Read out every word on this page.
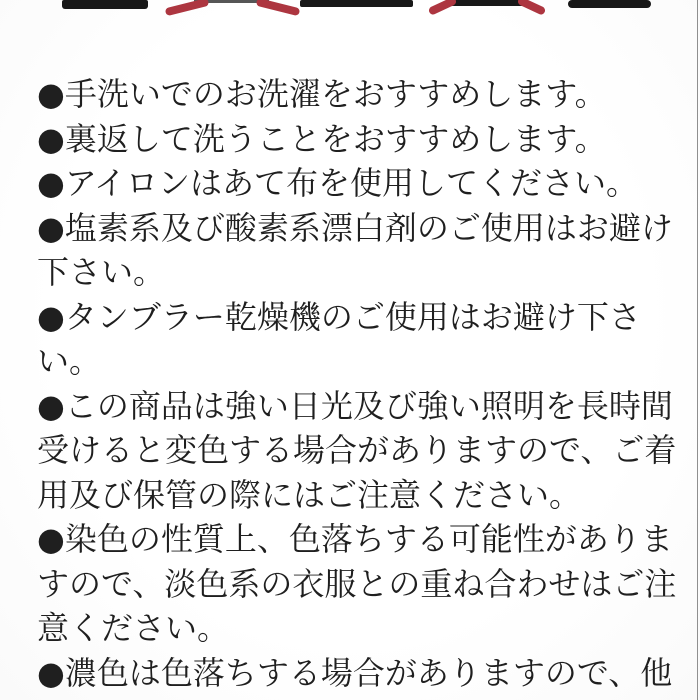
●手洗いでのお洗濯をおすすめします。

●裏返して洗うことをおすすめします。

●アイロンはあて布を使用してください。

●塩素系及び酸素系漂白剤のご使用はお避け下さい。

●タンブラー乾燥機のご使用はお避け下さい。

●この商品は強い日光及び強い照明を長時間受けると変色する場合がありますので、ご着用及び保管の際にはご注意ください。

●染色の性質上、色落ちする可能性がありますので、淡色系の衣服との重ね合わせはご注

意ください。

●濃色は色落ちする場合がありますので、他
